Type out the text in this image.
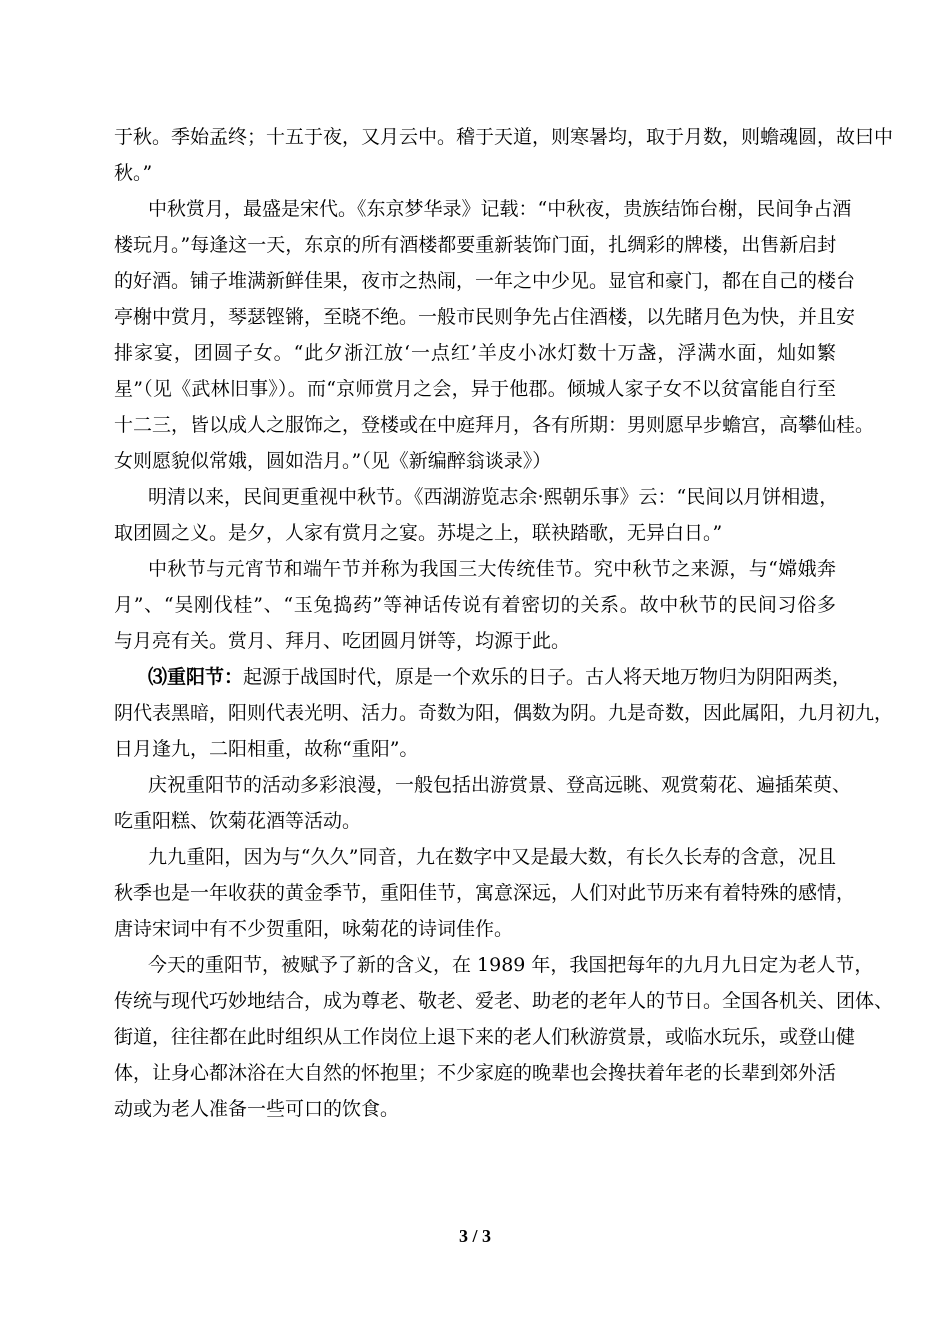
于秋。季始孟终；十五于夜，又月云中。稽于天道，则寒暑均，取于月数，则蟾魂圆，故曰中
秋。”
中秋赏月，最盛是宋代。《东京梦华录》记载：“中秋夜，贵族结饰台榭，民间争占酒
楼玩月。”每逢这一天，东京的所有酒楼都要重新装饰门面，扎绸彩的牌楼，出售新启封
的好酒。铺子堆满新鲜佳果，夜市之热闹，一年之中少见。显官和豪门，都在自己的楼台
亭榭中赏月，琴瑟铿锵，至晓不绝。一般市民则争先占住酒楼，以先睹月色为快，并且安
排家宴，团圆子女。“此夕浙江放‘一点红’羊皮小冰灯数十万盏，浮满水面，灿如繁
星”（见《武林旧事》）。而“京师赏月之会，异于他郡。倾城人家子女不以贫富能自行至
十二三，皆以成人之服饰之，登楼或在中庭拜月，各有所期：男则愿早步蟾宫，高攀仙桂。
女则愿貌似常娥，圆如浩月。”（见《新编醉翁谈录》）
明清以来，民间更重视中秋节。《西湖游览志余·熙朝乐事》云：“民间以月饼相遗，
取团圆之义。是夕，人家有赏月之宴。苏堤之上，联袂踏歌，无异白日。”
中秋节与元宵节和端午节并称为我国三大传统佳节。究中秋节之来源，与“嫦娥奔
月”、“吴刚伐桂”、“玉兔捣药”等神话传说有着密切的关系。故中秋节的民间习俗多
与月亮有关。赏月、拜月、吃团圆月饼等，均源于此。
⑶重阳节：起源于战国时代，原是一个欢乐的日子。古人将天地万物归为阴阳两类，
阴代表黑暗，阳则代表光明、活力。奇数为阳，偶数为阴。九是奇数，因此属阳，九月初九，
日月逢九，二阳相重，故称“重阳”。
庆祝重阳节的活动多彩浪漫，一般包括出游赏景、登高远眺、观赏菊花、遍插茱萸、
吃重阳糕、饮菊花酒等活动。
九九重阳，因为与“久久”同音，九在数字中又是最大数，有长久长寿的含意，况且
秋季也是一年收获的黄金季节，重阳佳节，寓意深远，人们对此节历来有着特殊的感情，
唐诗宋词中有不少贺重阳，咏菊花的诗词佳作。
今天的重阳节，被赋予了新的含义，在 1989 年，我国把每年的九月九日定为老人节，
传统与现代巧妙地结合，成为尊老、敬老、爱老、助老的老年人的节日。全国各机关、团体、
街道，往往都在此时组织从工作岗位上退下来的老人们秋游赏景，或临水玩乐，或登山健
体，让身心都沐浴在大自然的怀抱里；不少家庭的晚辈也会搀扶着年老的长辈到郊外活
动或为老人准备一些可口的饮食。
3 / 3
